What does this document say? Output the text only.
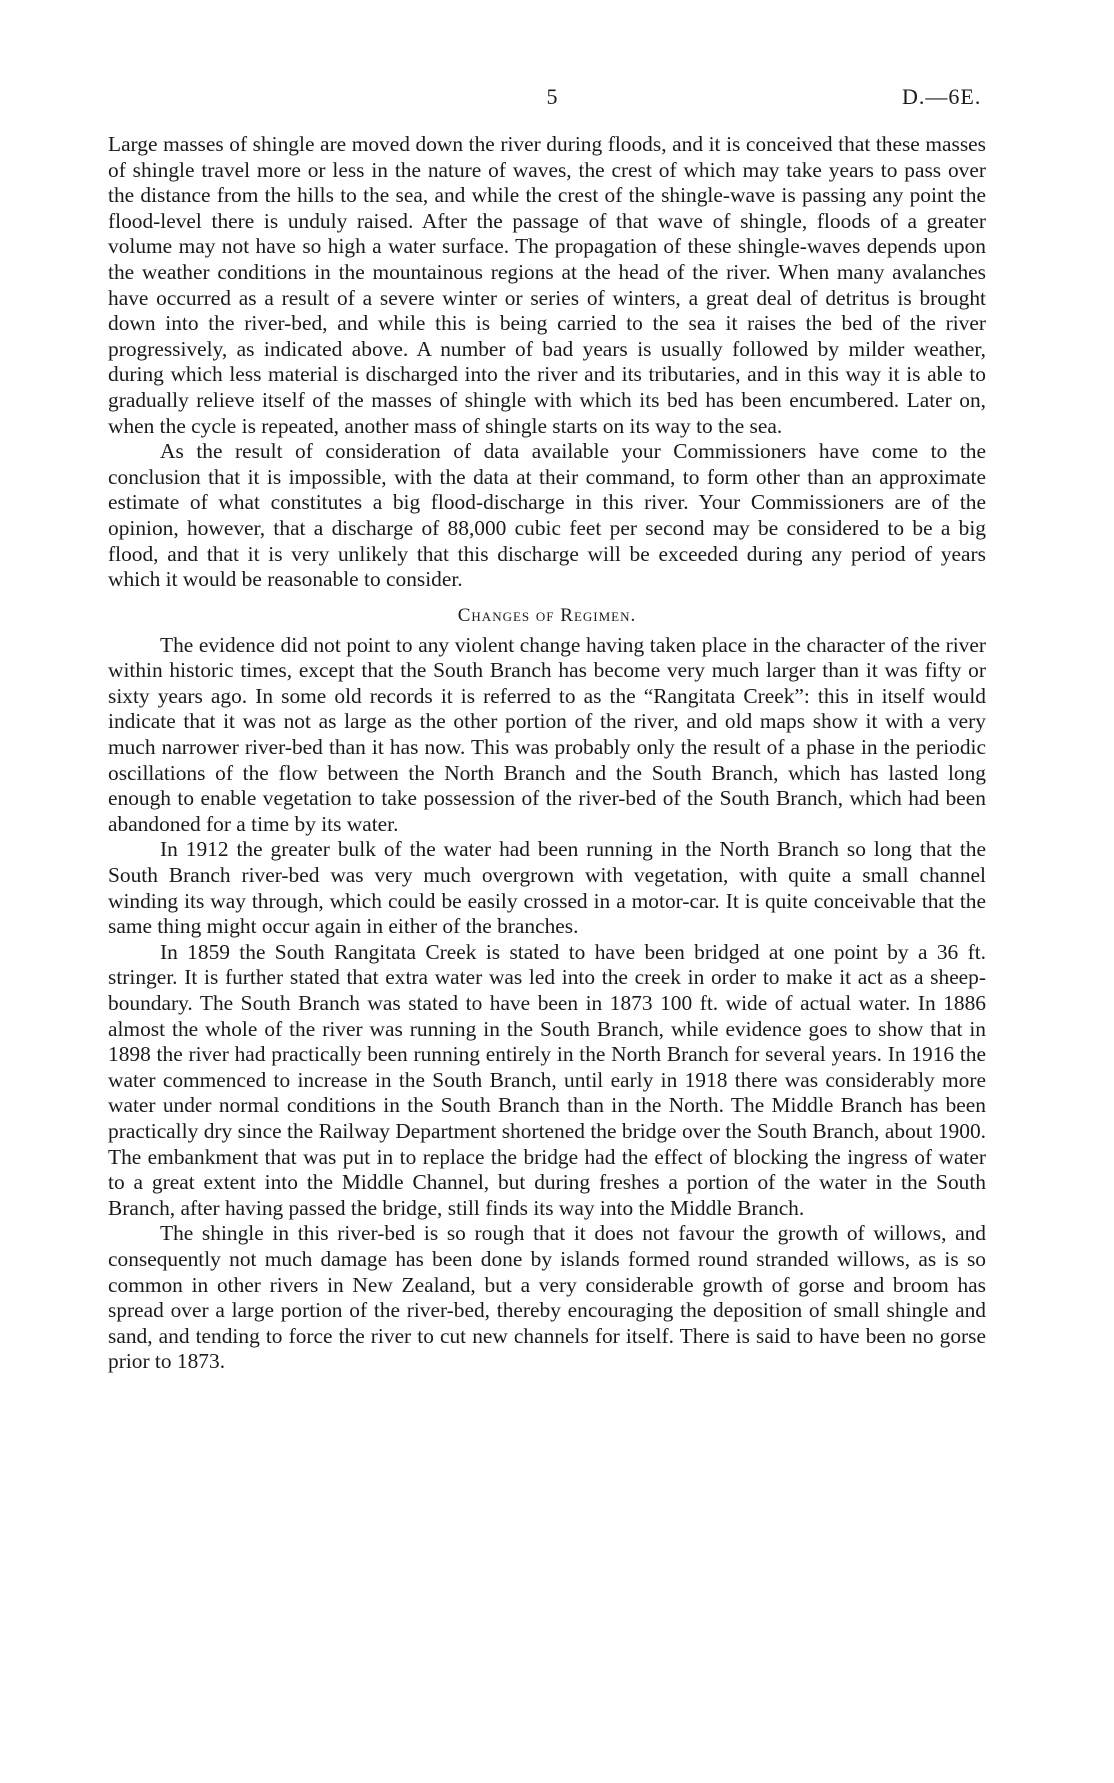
5	D.—6E.

Large masses of shingle are moved down the river during floods, and it is conceived that these masses of shingle travel more or less in the nature of waves, the crest of which may take years to pass over the distance from the hills to the sea, and while the crest of the shingle-wave is passing any point the flood-level there is unduly raised. After the passage of that wave of shingle, floods of a greater volume may not have so high a water surface. The propagation of these shingle-waves depends upon the weather conditions in the mountainous regions at the head of the river. When many avalanches have occurred as a result of a severe winter or series of winters, a great deal of detritus is brought down into the river-bed, and while this is being carried to the sea it raises the bed of the river progressively, as indicated above. A number of bad years is usually followed by milder weather, during which less material is discharged into the river and its tributaries, and in this way it is able to gradually relieve itself of the masses of shingle with which its bed has been encumbered. Later on, when the cycle is repeated, another mass of shingle starts on its way to the sea.

As the result of consideration of data available your Commissioners have come to the conclusion that it is impossible, with the data at their command, to form other than an approximate estimate of what constitutes a big flood-discharge in this river. Your Commissioners are of the opinion, however, that a discharge of 88,000 cubic feet per second may be considered to be a big flood, and that it is very unlikely that this discharge will be exceeded during any period of years which it would be reasonable to consider.

Changes of Regimen.

The evidence did not point to any violent change having taken place in the character of the river within historic times, except that the South Branch has become very much larger than it was fifty or sixty years ago. In some old records it is referred to as the “Rangitata Creek”: this in itself would indicate that it was not as large as the other portion of the river, and old maps show it with a very much narrower river-bed than it has now. This was probably only the result of a phase in the periodic oscillations of the flow between the North Branch and the South Branch, which has lasted long enough to enable vegetation to take possession of the river-bed of the South Branch, which had been abandoned for a time by its water.

In 1912 the greater bulk of the water had been running in the North Branch so long that the South Branch river-bed was very much overgrown with vegetation, with quite a small channel winding its way through, which could be easily crossed in a motor-car. It is quite conceivable that the same thing might occur again in either of the branches.

In 1859 the South Rangitata Creek is stated to have been bridged at one point by a 36 ft. stringer. It is further stated that extra water was led into the creek in order to make it act as a sheep-boundary. The South Branch was stated to have been in 1873 100 ft. wide of actual water. In 1886 almost the whole of the river was running in the South Branch, while evidence goes to show that in 1898 the river had practically been running entirely in the North Branch for several years. In 1916 the water commenced to increase in the South Branch, until early in 1918 there was considerably more water under normal conditions in the South Branch than in the North. The Middle Branch has been practically dry since the Railway Department shortened the bridge over the South Branch, about 1900. The embankment that was put in to replace the bridge had the effect of blocking the ingress of water to a great extent into the Middle Channel, but during freshes a portion of the water in the South Branch, after having passed the bridge, still finds its way into the Middle Branch.

The shingle in this river-bed is so rough that it does not favour the growth of willows, and consequently not much damage has been done by islands formed round stranded willows, as is so common in other rivers in New Zealand, but a very considerable growth of gorse and broom has spread over a large portion of the river-bed, thereby encouraging the deposition of small shingle and sand, and tending to force the river to cut new channels for itself. There is said to have been no gorse prior to 1873.
